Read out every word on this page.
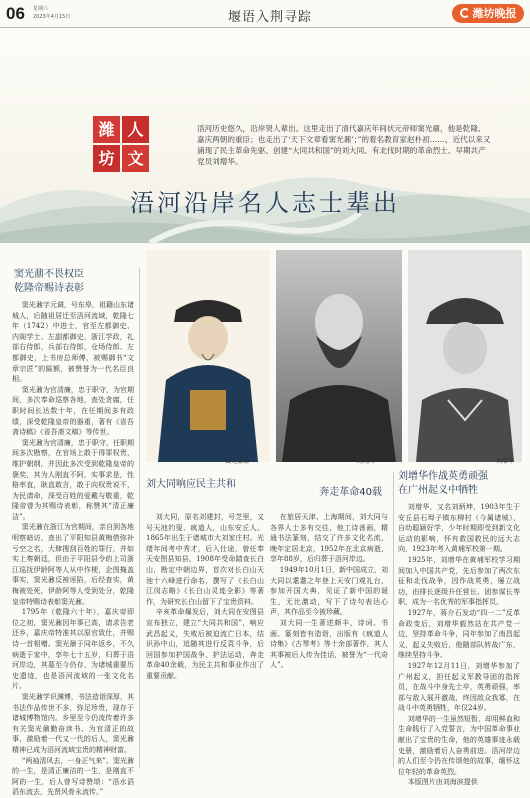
06 星期六
2023年4月15日	堰语入荆寻踪	潍坊晚报
潍 人
坊 文
浯河历史悠久，沿岸贤人辈出。这里走出了清代嘉庆年间状元帝师窦光鼐，他是乾隆、嘉庆两朝的重臣；也走出了‘天下文章看窦光鼐’；”的着名教育家赵朴初……，近代以来又涌现了民主革命先驱、创建“大同共和国”的刘大同、有北伐时期的革命烈士、早期共产党员刘增华。
浯河沿岸名人志士辈出
窦光鼐不畏权臣
乾隆帝赐诗表彰

窦光鼐字元调，号东皋，祖籍山东诸城人，后随祖居迁至浯河流域，乾隆七年（1742）中进士，官至左都御史、内阁学士、左副都御史，浙江学政，礼部右侍郎，兵部右侍郎，仓场侍郎、左都御史，上书房总师傅，被赐御书“文章宗匠”的匾额，被赞誉为一代名臣良相。

窦光鼐为官清廉，忠于职守，为官期间，多次奉命巡察各地，查处贪腐，任职时间长达数十年，在任期间多有政绩，深受乾隆皇帝的器重，著有《省吾斋诗稿》《省吾斋文稿》等传世。

窦光鼐为官清廉，忠于职守，任职期间多次勘察，在官场上敢于得罪权贵，维护朝纲，并因此多次受到乾隆皇帝的褒奖，其为人刚直不阿，实事求是，性格率直，耿直敢言，敢于向权贵说不，为民请命，深受百姓的爱戴与敬重，乾隆帝曾为其赐诗表彰，称赞其“清正廉洁”。

窦光鼐在浙江为官期间，亲自到各地明察暗访，查出了平阳知县黄梅借弥补亏空之名，大肆搜刮百姓的罪行，并如实上奏朝廷，但由于平阳县令的上司浙江巡抚伊龄阿等人从中作梗，企图掩盖事实，窦光鼐反被诬陷，后经查实，黄梅被处死，伊龄阿等人受到处分，乾隆皇帝特赐诗表彰窦光鼐。

1795年（乾隆六十年），嘉庆帝即位之初，窦光鼐因年事已高，请求告老还乡，嘉庆帝特准其以原官致仕，并赐诗一首相赠。窦光鼐于同年返乡，不久病逝于家中，享年七十五岁，归葬于浯河岸边，其墓至今仍存，为诸城重要历史遗迹，也是浯河流域的一张文化名片。

窦光鼐学识渊博，书法造诣深厚，其书法作品传世不多，弥足珍贵，现存于诸城博物馆内。乡里至今仍流传着许多有关窦光鼐勤奋读书、为官清正的故事，激励着一代又一代的后人，窦光鼐精神已成为浯河流域宝贵的精神财富。

“两袖清风去，一身正气来”。窦光鼐的一生，是清正廉洁的一生，是刚直不阿的一生，后人曾写诗赞颂：“浯水滔滔东流去，先贤风骨永流传。”

窦光鼐像	刘大同	刘增华
刘大同响应民主共和
奔走革命40载

刘大同，原名刘建封，号芝里，又号天池钓叟、疯道人，山东安丘人。1865年出生于诸城市大刘家庄村。光绪年间考中秀才，后入仕途，曾任奉天安图县知县，1908年受命踏查长白山，勘定中朝边界，首次对长白山天池十六峰进行命名，撰写了《长白山江岗志略》《长白山灵迹全影》等著作，为研究长白山留下了宝贵资料。

辛亥革命爆发后，刘大同在安图县宣布独立，建立“大同共和国”，响应武昌起义，失败后被迫流亡日本，结识孙中山，追随其进行反袁斗争，后回国参加护国战争、护法运动，奔走革命40余载，为民主共和事业作出了重要贡献。

在旅居天津、上海期间，刘大同与各界人士多有交往，他工诗善画，精通书法篆刻，结交了许多文化名流，晚年定居北京，1952年在北京病逝，享年88岁，后归葬于浯河岸边。

1949年10月1日，新中国成立，刘大同以耄耋之年登上天安门观礼台，参加开国大典，见证了新中国的诞生，无比激动，写下了诗句表达心声，其作品至今被珍藏。

刘大同一生著述颇丰，诗词、书画、篆刻皆有造诣，出版有《疯道人诗集》《古琴考》等十余部著作，其人其事被后人传为佳话，被誉为“一代奇人”。

刘增华作战英勇顽强
在广州起义中牺牲

刘增华，又名刘炳坤，1903年生于安丘县石埠子镇东柳村（今属诸城），自幼聪颖好学，少年时期即受到新文化运动的影响，怀有救国救民的远大志向，1923年考入黄埔军校第一期。

1925年，刘增华在黄埔军校学习期间加入中国共产党，先后参加了两次东征和北伐战争，因作战英勇，屡立战功，由排长逐级升任营长、团参谋长等职，成为一名优秀的军事指挥员。

1927年，蒋介石发动“四一二”反革命政变后，刘增华毅然站在共产党一边，坚持革命斗争，同年参加了南昌起义，起义失败后，他随部队转战广东，继续坚持斗争。

1927年12月11日，刘增华参加了广州起义，担任起义军教导团的指挥员，在战斗中身先士卒，英勇顽强，率部与敌人展开激战，终因敌众我寡，在战斗中英勇牺牲，年仅24岁。

刘增华的一生虽然短暂，却用鲜血和生命践行了入党誓言，为中国革命事业献出了宝贵的生命，他的英雄事迹永载史册，激励着后人奋勇前进。浯河岸边的人们至今仍在传颂他的故事，缅怀这位年轻的革命英烈。

本版图片由刘海滨提供
